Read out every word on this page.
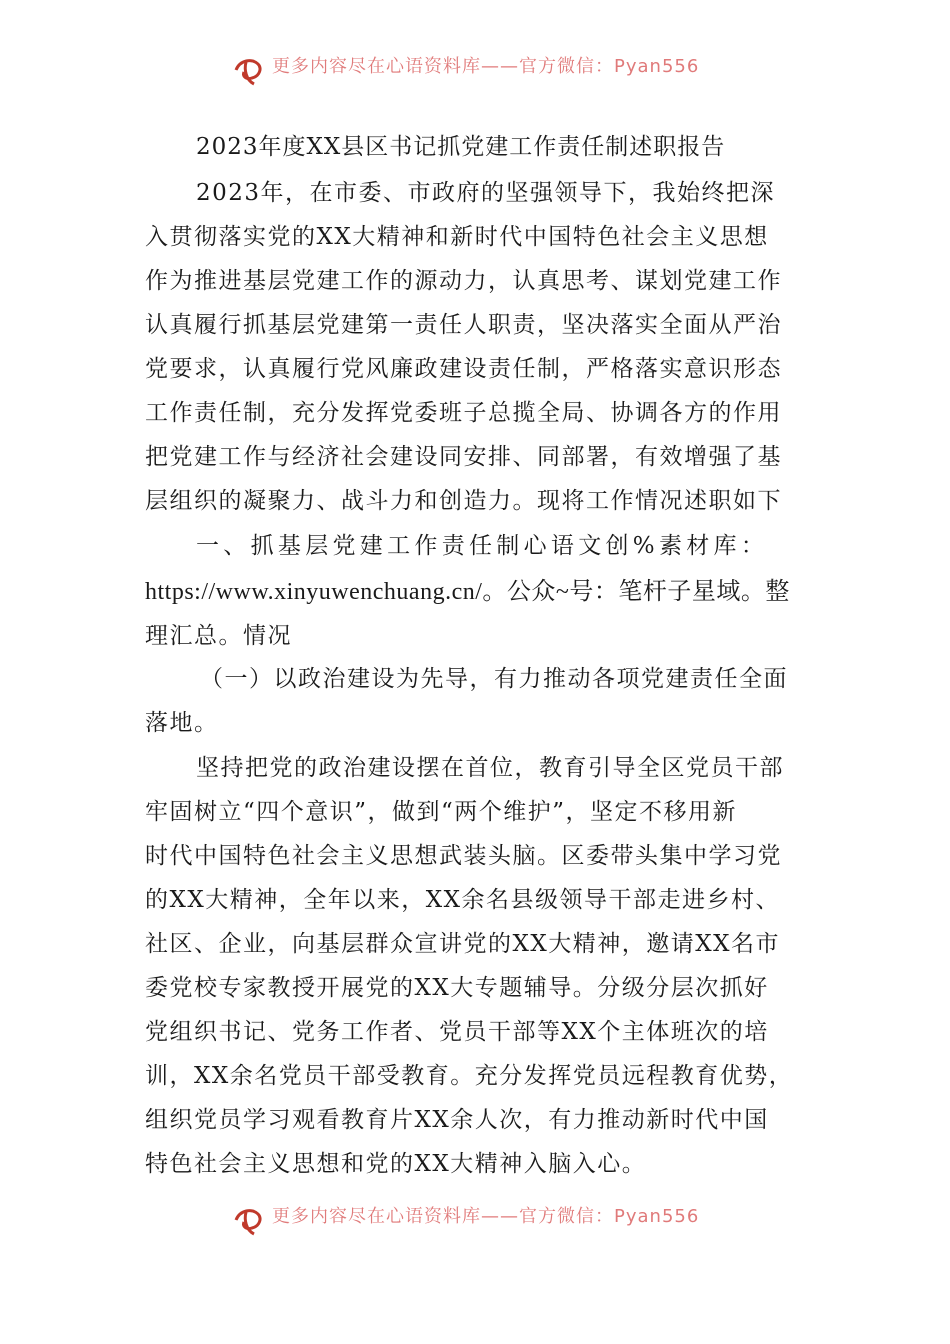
更多内容尽在心语资料库——官方微信：Pyan556
2023年度XX县区书记抓党建工作责任制述职报告
2023年，在市委、市政府的坚强领导下，我始终把深
入贯彻落实党的XX大精神和新时代中国特色社会主义思想
作为推进基层党建工作的源动力，认真思考、谋划党建工作
认真履行抓基层党建第一责任人职责，坚决落实全面从严治
党要求，认真履行党风廉政建设责任制，严格落实意识形态
工作责任制，充分发挥党委班子总揽全局、协调各方的作用
把党建工作与经济社会建设同安排、同部署，有效增强了基
层组织的凝聚力、战斗力和创造力。现将工作情况述职如下
一、抓基层党建工作责任制心语文创%素材库：
https://www.xinyuwenchuang.cn/。公众~号：笔杆子星域。整
理汇总。情况
（一）以政治建设为先导，有力推动各项党建责任全面
落地。
坚持把党的政治建设摆在首位，教育引导全区党员干部
牢固树立“四个意识”，做到“两个维护”，坚定不移用新
时代中国特色社会主义思想武装头脑。区委带头集中学习党
的XX大精神，全年以来，XX余名县级领导干部走进乡村、
社区、企业，向基层群众宣讲党的XX大精神，邀请XX名市
委党校专家教授开展党的XX大专题辅导。分级分层次抓好
党组织书记、党务工作者、党员干部等XX个主体班次的培
训，XX余名党员干部受教育。充分发挥党员远程教育优势，
组织党员学习观看教育片XX余人次，有力推动新时代中国
特色社会主义思想和党的XX大精神入脑入心。
更多内容尽在心语资料库——官方微信：Pyan556
